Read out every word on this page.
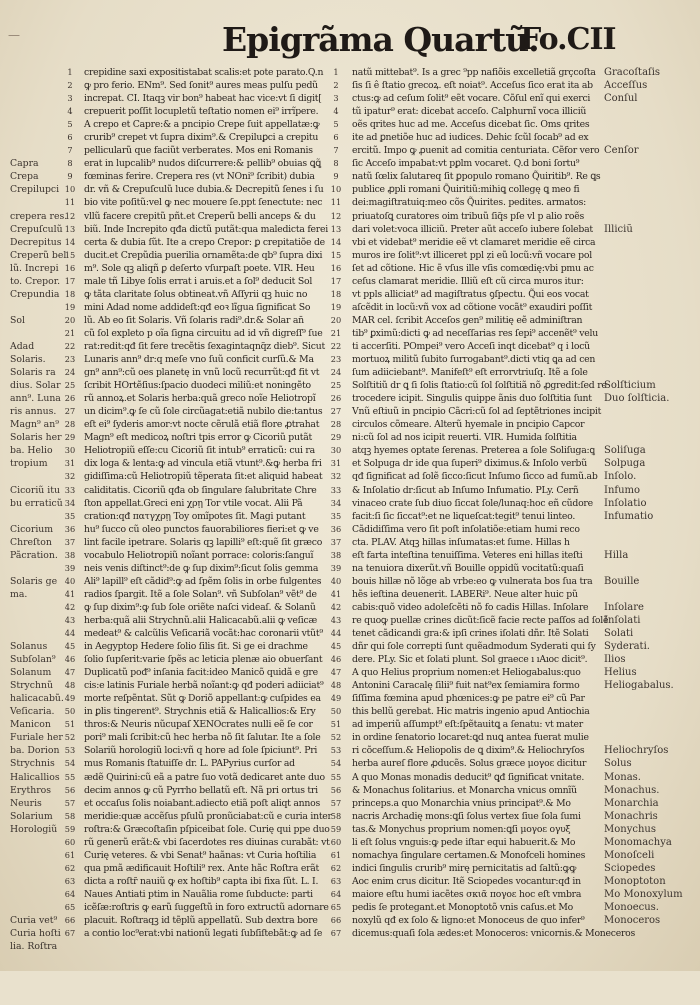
—	Epigrãma Quartũ.
Fo.CII
Capra
Crepa
Crepilupci
crepera res.
Crepuſculũ
Decrepitus
Creperũ bel
lũ. Increpi
to. Crepor.
Crepundia
Sol
Adad
Solaris.
Solaris ra
dius. Solar
ann⁹. Luna
ris annus.
Magn⁹ an⁹
Solaris her
ba. Helio
tropium
Cicoriũ itu
bu erraticũ
Cicorium
Chreſton
Pãcration.
Solaris ge
ma.
Solanus
Subſolan⁹
Solanum
Strychnũ
halicacabũ.
Veſicaria.
Manicon
Furiale her
ba. Dorion
Strychnis
Halicallios
Erythros
Neuris
Solarium
Horologiũ
Curia vet⁹
Curia hoſti
lia. Roſtra
1
2
3
4
5
6
7
8
9
10
11
12
13
14
15
16
17
18
19
20
21
22
23
24
25
26
27
28
29
30
31
32
33
34
35
36
37
38
39
40
41
42
43
44
45
46
47
48
49
50
51
52
53
54
55
56
57
58
59
60
61
62
63
64
65
66
67
crepidine saxi expositistabat scalis:et pote parato.Q.n
ꝙ pro ferio. ENm⁹. Sed ſonit⁹ aures meas pulſu pedũ
increpat. CI. Itaqꝫ vir bon⁹ habeat hac vice:vt ſi digit[
crepuerit poſſit locupletũ teſtatio nomen ei⁹ irrĩpere.
A crepo et Capre:& a pncipio Crepe ſuit appellatæ:ꝙ
crurib⁹ crepet vt ſupra dixim⁹.& Crepiluꝑci a crepitu
pellicularũ que faciũt verberates. Mos eni Romanis
erat in lupcalib⁹ nudos diſcurrere:& pellib⁹ obuias ꝗꝗ̃
fœminas ferire. Crepera res (vt NOni⁹ ſcribit) dubia
dr. vñ & Crepuſculũ luce dubia.& Decrepitũ ſenes i ſu
bio vite poſitũ:vel ꝙ nec mouere ſe.ppt ſenectute: nec
vllũ facere crepitũ pñt.et Creperũ belli anceps & du
biũ. Inde Increpito qđa dictũ putãt:qua maledicta ferei
certa & dubia ſũt. Ite a crepo Crepor: ꝑ crepitatiõe de
ducit.et Crepũdia puerilia ornamẽta:de qb⁹ ſupra dixi
m⁹. Sole qꝫ aliqñ ꝑ deſerto vſurpaſt poete. VIR. Heu
male tñ Libye ſolis errat i aruis.et a ſol⁹ deducit Sol
ꝙ tãta claritate ſolus obtineat.vñ Aſſyrii qꝫ huic no
mini Adad nome addideſt:qđ eoꝛ lĩgua ſignificat So
lũ. Ab eo ſit Solaris. Vñ ſolaris radi⁹.dr.& Solar an̄
cũ ſol expleto p oĩa ſigna circuitu ad id vñ digreſſ⁹ ſue
rat:redit:qđ ſit fere trecẽtis ſexagintaqnq̃z dieb⁹. Sicut
Lunaris ann⁹ dr:q meſe vno ſuũ conficit curſũ.& Ma
gn⁹ ann⁹:cũ oes planetę in vnũ locũ recurrũt:qđ fit vt
ſcribit HOrtẽſius:ſpacio duodeci miliũ:et noningẽto
rũ annoꝝ.et Solaris herba:quã greco noĩe Heliotropĩ
un dicim⁹.ꝙ ſe cũ ſole circũagat:etiã nubilo die:tantus
eſt ei⁹ ſyderis amor:vt nocte cẽrulã etiã flore ꝓtrahat
Magn⁹ eſt medicoꝝ noſtri tpis error ꝙ Cicoriũ putãt
Heliotropiũ eſſe:cu Cicoriũ ſit intub⁹ erraticũ: cui ra
dix loga & lenta:ꝙ ad vincula etiã vtunt⁹.&ꝙ herba fri
gidiſſima:cũ Heliotropiũ tẽperata ſit:et aliquid habeat
caliditatis. Cicoriũ qđa ob ſingulare ſalubritate Chre
ſton appellat.Greci eni χρῃ Tor vtile vocat. Alii Pã
cration:qđ πατγχρῃ Toy omĩpotes ſit. Magi putant
hu⁹ ſucco cũ oleo punctos fauorabiliores fieri:et ꝙ ve
lint facile ipetrare. Solaris qꝫ lapilli⁹ eſt:quẽ ſit græco
vocabulo Heliotropiũ noĩant porrace: coloris:ſanguĩ
neis venis diſtinct⁹:de ꝙ ſup dixim⁹:ſicut ſolis gemma
Ali⁹ lapill⁹ eſt cãdid⁹:ꝙ ad ſpẽm ſolis in orbe fulgentes
radios ſpargit. Itẽ a ſole Solan⁹. vñ Subſolan⁹ vẽt⁹ de
ꝙ ſup dixim⁹:ꝙ ſub ſole oriẽte naſci videaſ. & Solanũ
herba:quã alii Strychnũ.alii Halicacabũ.alii ꝙ veſicæ
medeat⁹ & calcũlis Veſicariã vocãt:hac coronarii vtũt⁹
in Aegyptop Hedere ſolio ſilis ſit. Si ge ei drachme
ſolio ſupſerit:varie ſpẽs ac leticia plenæ aio obuerſant
Duplicatũ pođ⁹ inſania facit:ideo Manicõ quidã e gre
cis:e latinis Furiale herbã noĩant:ꝙ qđ poderi adiiciat⁹
morte reſpẽntat. Sũt ꝙ Doriõ appellant:ꝙ cuſpides ea
in ꝑlis tingerent⁹. Strychnis etiã & Halicallios:& Ery
thros:& Neuris nũcupaſ XENOcrates nulli eẽ ſe cor
pori⁹ mali ſcribit:cũ hec herba nõ ſit ſalutar. Ite a ſole
Solariũ horologiũ loci:vñ q hore ad ſole ſpiciunt⁹. Pri
mus Romanis ſtatuiſſe dr. L. PAPyrius curſor ad
ædẽ Quirini:cũ eã a patre ſuo votã dedicaret ante duo
decim annos ꝙ cũ Pyrrho bellatũ eſt. Nã pri ortus tri
et occaſus ſolis noiabant.adiecto etiã poſt aliqt annos
meridie:quæ accẽſus pſulũ pronũciabat:cũ e curia inter
roſtra:& Græcoſtaſin pſpiceibat ſole. Curię qui ppe duo
rũ generũ erãt:& vbi ſacerdotes res diuinas curabãt: vt
Curię veteres. & vbi Senat⁹ haãnas: vt Curia hoſtilia
qua pmã ædificauit Hoſtili⁹ rex. Ante hãc Roſtra erãt
dicta a roſtr̃ nauiũ ꝙ ex hoſtib⁹ capta ibi fixa ſũt. L. I.
Naues Antiati ptim in Nauãlia rome ſubducte: parti
icẽſæ:roſtris ꝙ earũ ſuggeſtũ in foro extructũ adornare
placuit. Roſtraqꝫ id tẽplũ appellatũ. Sub dextra bore
a contio loc⁹erat:vbi nationũ legati ſubſiſtebãt:ꝙ ad ſe
1
2
3
4
5
6
7
8
9
10
11
12
13
14
15
16
17
18
19
20
21
22
23
24
25
26
27
28
29
30
31
32
33
34
35
36
37
38
39
40
41
42
43
44
45
46
47
48
49
50
51
52
53
54
55
56
57
58
59
60
61
62
63
64
65
66
67
natũ mittebat⁹. Is a grec ⁹pp nafiõis excelletiã grçcoſta
ſis ſi ê ſtatio grecoꝝ. eſt noiat⁹. Acceſus ſico erat ita ab
ctus:ꝙ ad ceſum ſolit⁹ eẽt vocare. Cõſul enĩ qui exerci
tũ ipatur⁹ erat: dicebat acceſo. Calphurnĩ voca illiciũ
oẽs qrites huc ad me. Acceſus dicebat ſic. Oms qrites
ite ad ꝑnetiõe huc ad iudices. Dehic ſcũl ſocab⁹ ad ex
ercitũ. Impo ꝙ ꝓuenit ad comitia centuriata. Cẽfor vero
ſic Acceſo impabat:vt pꝑlm vocaret. Q.d boni ſortu⁹
natũ ſœlix ſalutareq ſit ꝑpopulo romano Q̃uiritib⁹. Re ꝗs
publice ꝓpli romani Q̃uiritiũ:mihiꝗ collegę ꝗ meo fi
dei:magiſtratuiq:meo cõs Q̃uirites. pedites. armatos:
priuatoſꝗ curatores oim tribuũ ſiq̃s pſe vl p alio roẽs
dari volet:voca illiciũ. Preter aũt acceſo iubere ſolebat
vbi et videbat⁹ meridie eẽ vt clamaret meridie eẽ circa
muros ire ſolit⁹:vt illiceret ppl ẓi eũ locũ:vñ vocare pol
ſet ad cõtione. Hic ẽ vſus ille vſis comœdię:vbi pmu ac
ceſus clamarat meridie. Illiũ eſt cũ circa muros itur:
vt ppls alliciat⁹ ad magiſtratus ꝯſpectu. Q̃ui eos vocat
aſcẽdit in locũ:vñ vox ad cõtione vocãt⁹ exaudiri poſſit
MAR cel. ſcribit Acceſos gen⁹ militię eẽ adminiſtran
tib⁹ ꝑximũ:dicti ꝙ ad neceſſarias res ſepi⁹ accenẽt⁹ velu
ti accerſiti. POmpei⁹ vero Acceſi inqt dicebat⁹ q i locũ
mortuoꝝ militũ ſubito ſurrogabant⁹.dicti vtiq ꝗa ad cen
ſum adiiciebant⁹. Manifeſt⁹ eſt errorvtriuſq. Itẽ a ſole
Solſtitiũ dr ꝗ ſi ſolis ſtatio:cũ ſol ſolſtitiã nõ ꝓgredit:ſed re
trocedere icipit. Singulis quippe ãnis duo ſolſtitia ſunt
Vnũ eſtiuũ in pncipio Cãcri:cũ ſol ad ſeptẽtriones incipit
circulos cõmeare. Alterũ hyemale in pncipio Capcor
ni:cũ ſol ad nos icipit reuerti. VIR. Humida ſolſtitia
atqꝫ hyemes optate ſerenas. Preterea a ſole Soliſuga:ꝗ
et Solpuga dr ide qua ſuperi⁹ diximus.& Inſolo verbũ
qđ ſignificat ad ſolẽ ſicco:ſicut Inſumo ſicco ad fumũ.ab
& Inſolatio dr:ſicut ab Inſumo Infumatio. PLy. Cerñ
vinaceo crate ſub diuo ſiccat ſole/lunaq:hoc eñ cũdore
facit:ſi ſic ſiccat⁹:et ne liqueſcat:tegit⁹ tenui linteo.
Cãdidiſſima vero ſit poſt inſolatiõe:etiam humi reco
cta. PLAV. Atqꝫ hillas inſumatas:et ſume. Hillas h
eſt farta inteſtina tenuiſſima. Veteres eni hillas iteſti
na tenuiora dixerũt.vñ Bouille oppidũ vocitatũ:quaſi
bouis hillæ nõ lõge ab vrbe:eo ꝙ vulnerata bos ſua tra
hẽs ieſtina deuenerit. LABERi⁹. Neue alter huic pũ
cabis:quõ video adoleſcẽti nõ fo cadis Hillas. Inſolare
re quoꝙ puellæ crines dicũt:ſicẽ facie recte paſſos ad ſolẽ
tenet cãdicandi gra:& ipſi crines iſolati dñr. Itẽ Solati
dñr qui ſole correpti ſunt quẽadmodum Syderati qui ſy
dere. PLy. Sic et ſolati plunt. Sol graece ı ıAıoc dicit⁹.
A quo Helius proprium nomen:et Heliogabalus:quo
Antonini Caracalę ſilii⁹ fuit nat⁹ex ſemiamira formo
ſiſſima fœmina apud phœnices:ꝙ pe patre ei⁹ cũ Par
this bellũ gerebat. Hic matris ingenio apud Antiochia
ad imperiũ aſſumpt⁹ eſt:ſpẽtauitꝗ a ſenatu: vt mater
in ordine ſenatorio locaret:ꝗd nuꝗ antea fuerat mulie
ri cõceſſum.& Heliopolis de ꝗ dixim⁹.& Heliochryſos
herba aureſ flore ꝓducẽs. Solus græce μογοε dicitur
A quo Monas monadis deducit⁹ ꝗđ ſignificat vnitate.
& Monachus ſolitarius. et Monarcha vnicus omnĩũ
princeps.a quo Monarchia vnius principat⁹.& Mo
nacris Archadię mons:ꝗſi ſolus vertex ſiue ſola ſumi
tas.& Monychus proprium nomen:ꝗſi μογοε ογυξ
li eſt ſolus vnguis:ꝙ pede iſtar equi habuerit.& Mo
nomachya ſingulare certamen.& Monofceli homines
indici ſingulis crurib⁹ mirę pernicitatis ad ſaltũ:ꝙꝙ
Aoc enim crus dicitur. Itẽ Sciopedes vocantur:qđ in
maiore eſtu humi iacẽtes σκιᾶ πογοε hoc eſt vmbra
pedis ſe protegant.et Monoptotõ vnis caſus.et Mo
noxylũ qđ ex ſolo & ligno:et Monoceus de quo infer⁹
dicemus:quaſi ſola ædes:et Monoceros: vnicornis.& Moneceros
Gracoſtaſis
Acceſſus
Conſul
Cenſor
Illiciũ
Solſticium
Duo ſolſticia.
Soliſuga
Solpuga
Inſolo.
Infumo
Inſolatio
Infumatio
Hilla
Bouille
Inſolare
Inſolati
Solati
Syderati.
Ilios
Helius
Heliogabalus.
Heliochryſos
Solus
Monas.
Monachus.
Monarchia
Monachris
Monychus
Monomachya
Monoſceli
Sciopedes
Monoptoton
Mo Monoxylum
Monoecus.
Monoceros
